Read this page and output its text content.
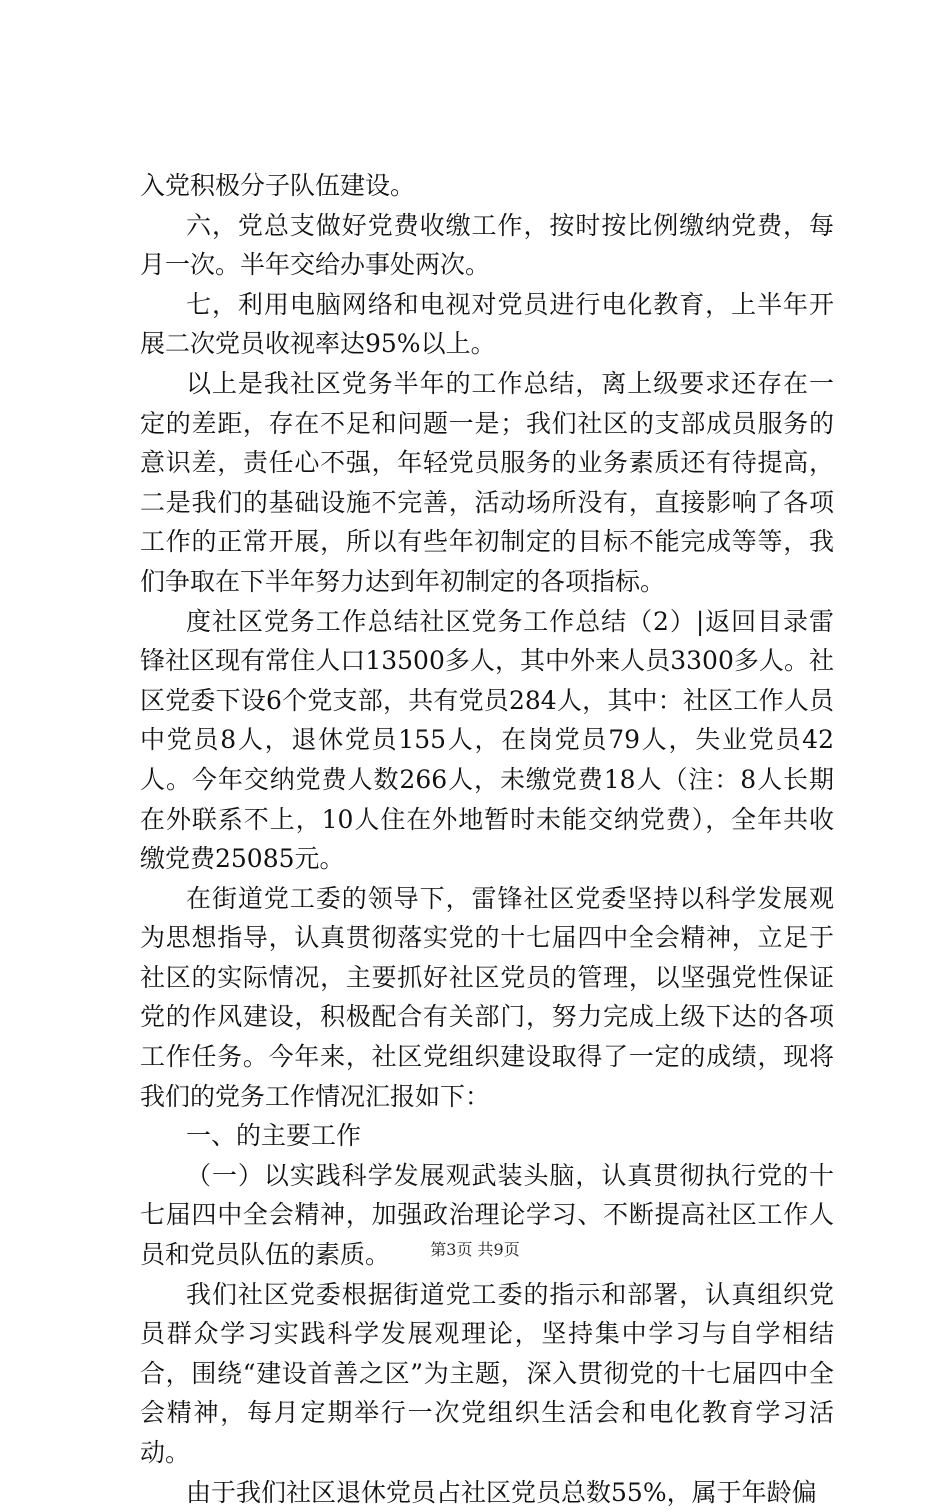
入党积极分子队伍建设。

六，党总支做好党费收缴工作，按时按比例缴纳党费，每月一次。半年交给办事处两次。

七，利用电脑网络和电视对党员进行电化教育，上半年开展二次党员收视率达95%以上。

以上是我社区党务半年的工作总结，离上级要求还存在一定的差距，存在不足和问题一是；我们社区的支部成员服务的意识差，责任心不强，年轻党员服务的业务素质还有待提高，二是我们的基础设施不完善，活动场所没有，直接影响了各项工作的正常开展，所以有些年初制定的目标不能完成等等，我们争取在下半年努力达到年初制定的各项指标。

度社区党务工作总结社区党务工作总结（2）|返回目录雷锋社区现有常住人口13500多人，其中外来人员3300多人。社区党委下设6个党支部，共有党员284人，其中：社区工作人员中党员8人，退休党员155人，在岗党员79人，失业党员42人。今年交纳党费人数266人，未缴党费18人（注：8人长期在外联系不上，10人住在外地暂时未能交纳党费），全年共收缴党费25085元。

在街道党工委的领导下，雷锋社区党委坚持以科学发展观为思想指导，认真贯彻落实党的十七届四中全会精神，立足于社区的实际情况，主要抓好社区党员的管理，以坚强党性保证党的作风建设，积极配合有关部门，努力完成上级下达的各项工作任务。今年来，社区党组织建设取得了一定的成绩，现将我们的党务工作情况汇报如下：

一、的主要工作

（一）以实践科学发展观武装头脑，认真贯彻执行党的十七届四中全会精神，加强政治理论学习、不断提高社区工作人员和党员队伍的素质。

我们社区党委根据街道党工委的指示和部署，认真组织党员群众学习实践科学发展观理论，坚持集中学习与自学相结合，围绕“建设首善之区”为主题，深入贯彻党的十七届四中全会精神，每月定期举行一次党组织生活会和电化教育学习活动。

由于我们社区退休党员占社区党员总数55%，属于年龄偏

第3页 共9页
